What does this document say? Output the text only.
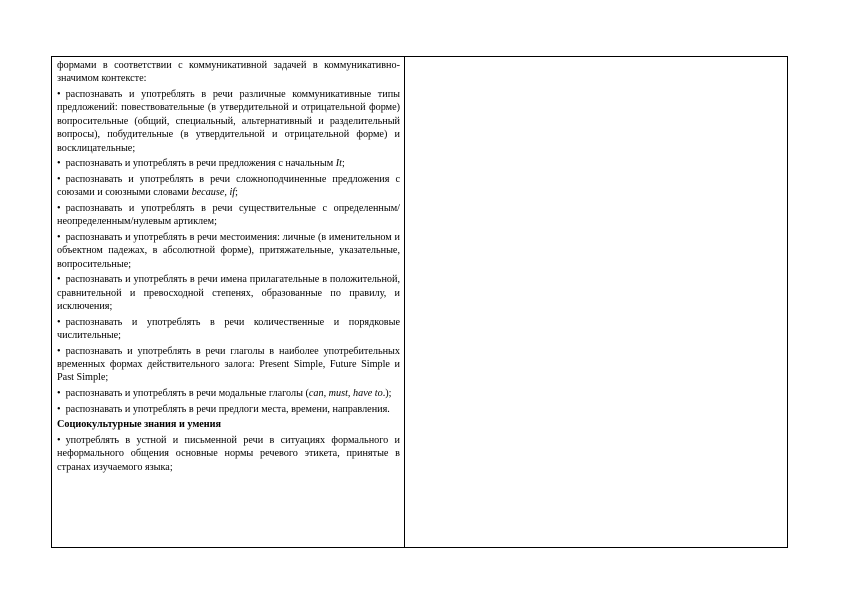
формами в соответствии с коммуникативной задачей в коммуникативно-значимом контексте:

• распознавать и употреблять в речи различные коммуникативные типы предложений: повествовательные (в утвердительной и отрицательной форме) вопросительные (общий, специальный, альтернативный и разделительный вопросы), побудительные (в утвердительной и отрицательной форме) и восклицательные;

• распознавать и употреблять в речи предложения с начальным It;

• распознавать и употреблять в речи сложноподчиненные предложения с союзами и союзными словами because, if;

• распознавать и употреблять в речи существительные с определенным/ неопределенным/нулевым артиклем;

• распознавать и употреблять в речи местоимения: личные (в именительном и объектном падежах, в абсолютной форме), притяжательные, указательные, вопросительные;

• распознавать и употреблять в речи имена прилагательные в положительной, сравнительной и превосходной степенях, образованные по правилу, и исключения;

• распознавать и употреблять в речи количественные и порядковые числительные;

• распознавать и употреблять в речи глаголы в наиболее употребительных временных формах действительного залога: Present Simple, Future Simple и Past Simple;

• распознавать и употреблять в речи модальные глаголы (can, must, have to.);

• распознавать и употреблять в речи предлоги места, времени, направления.

Социокультурные знания и умения

• употреблять в устной и письменной речи в ситуациях формального и неформального общения основные нормы речевого этикета, принятые в странах изучаемого языка;
